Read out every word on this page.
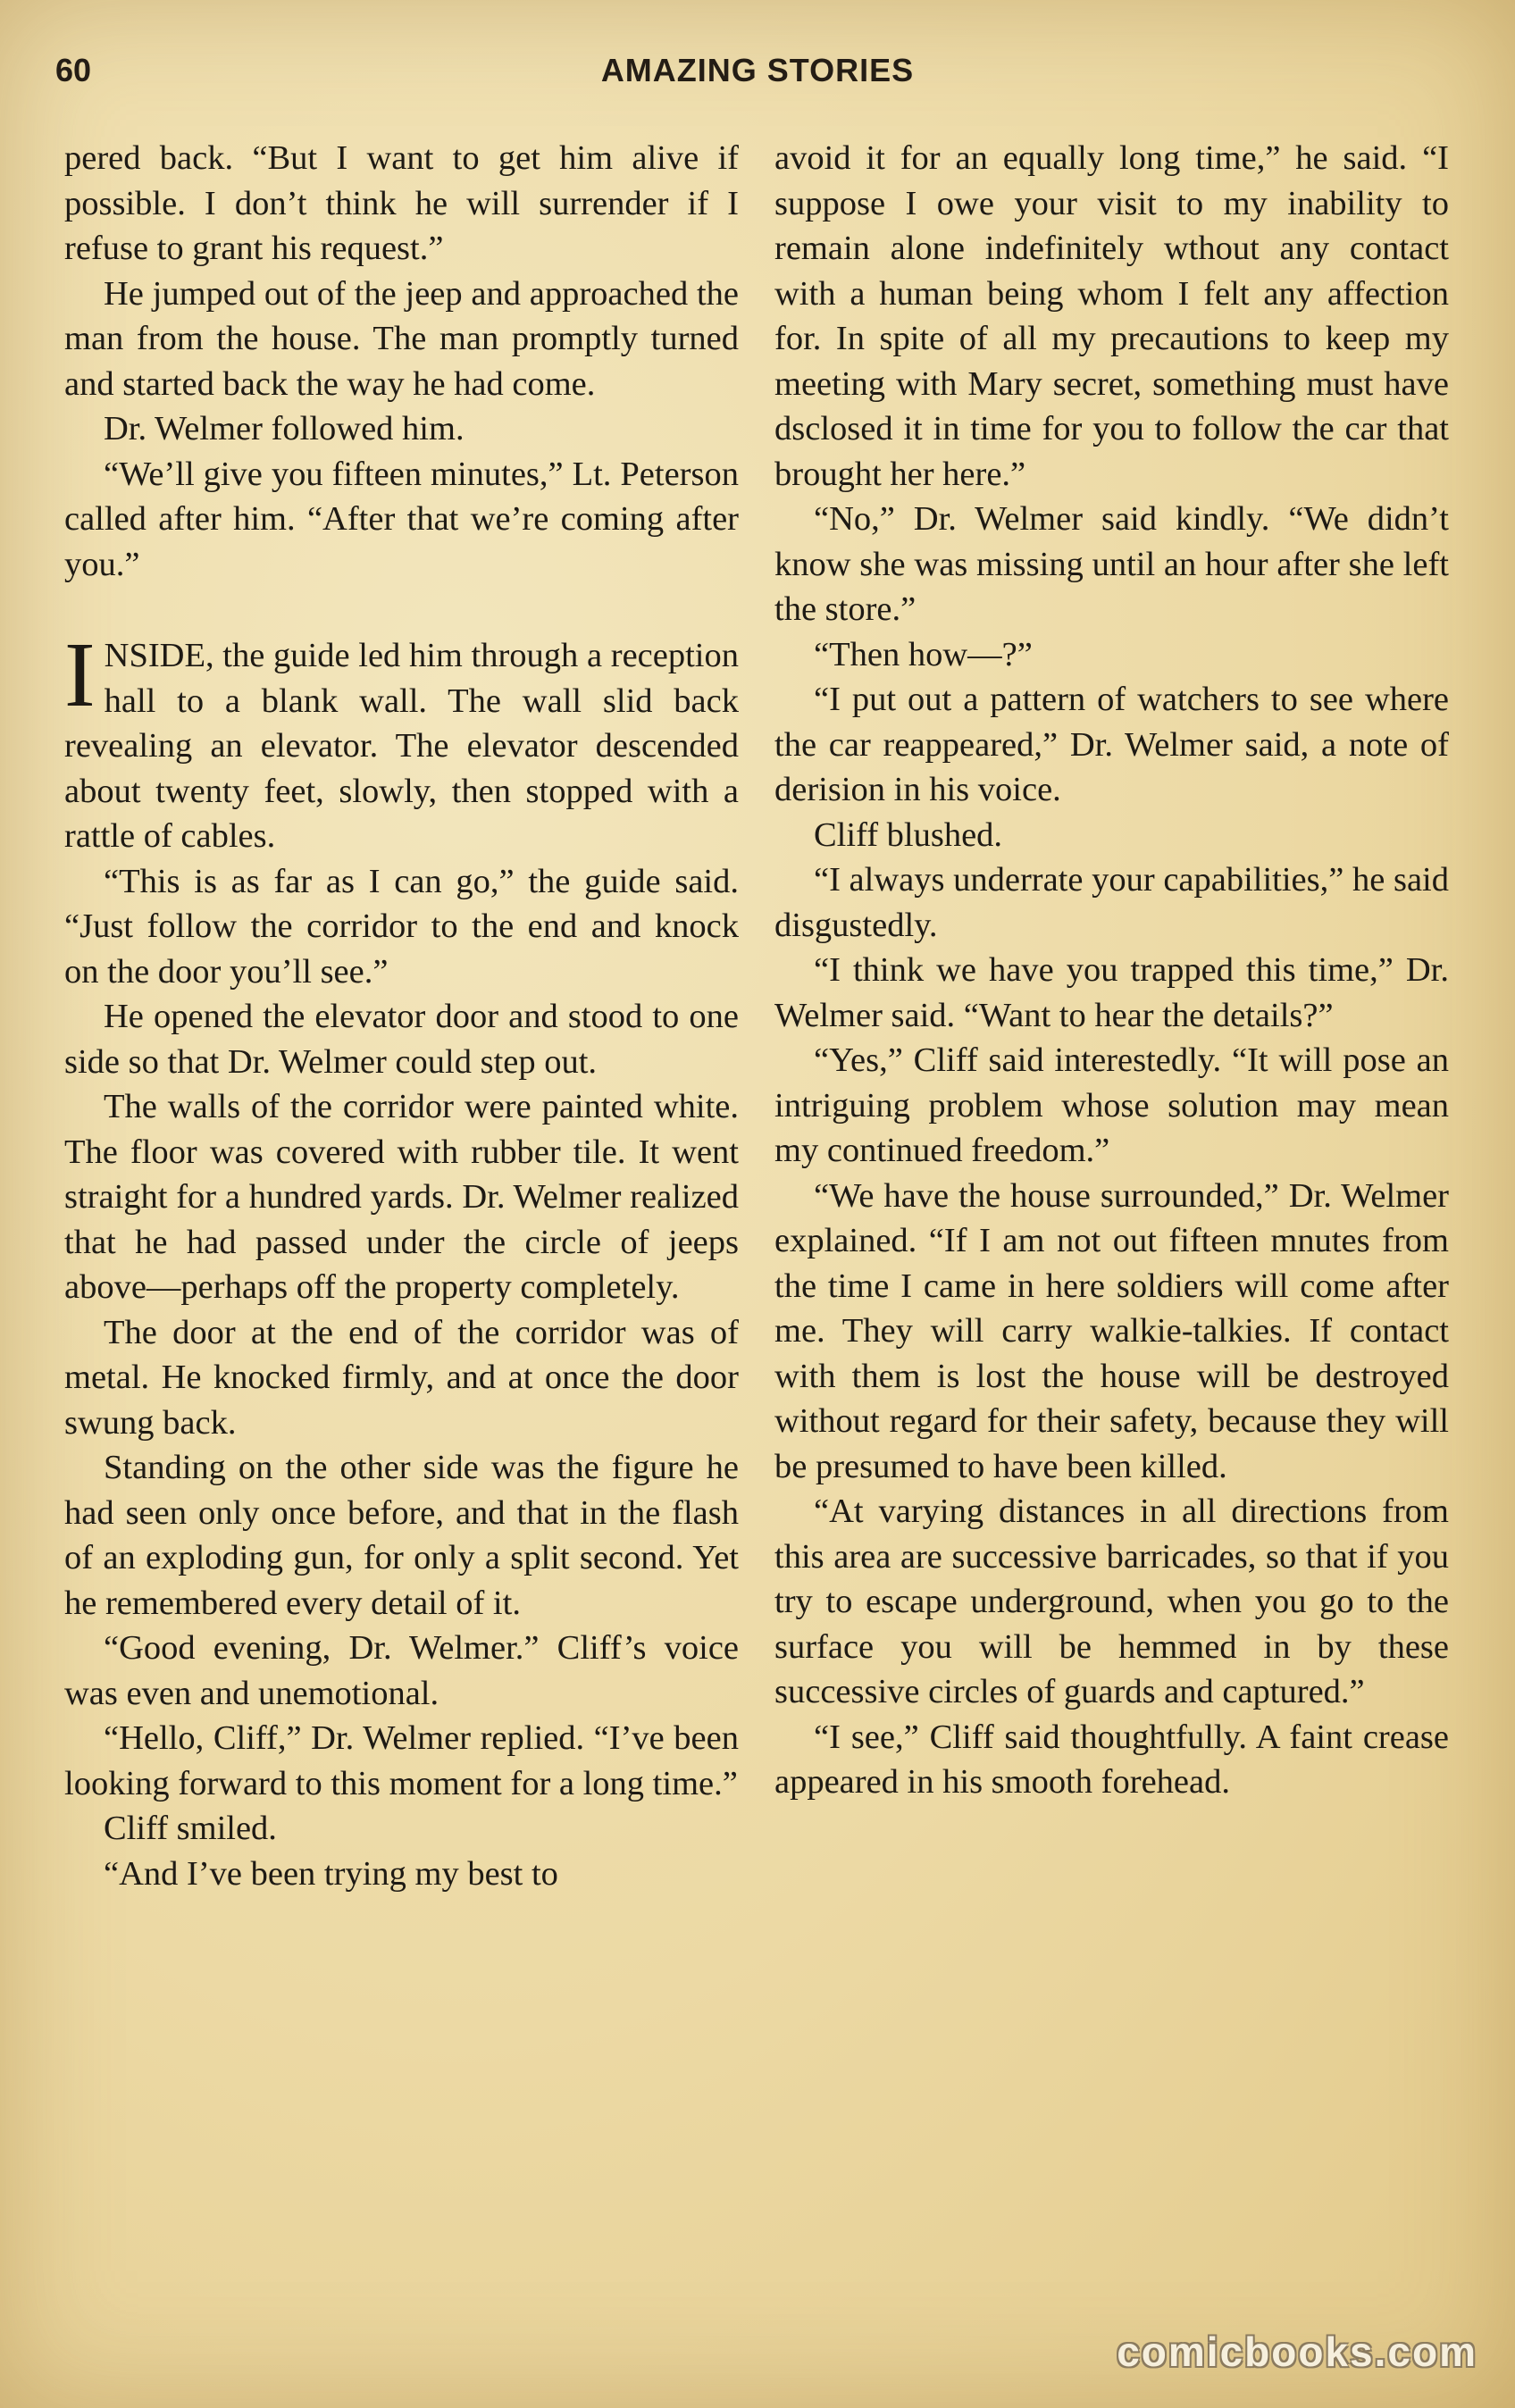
60	AMAZING STORIES

pered back. “But I want to get him alive if possible. I don’t think he will surrender if I refuse to grant his request.”

He jumped out of the jeep and approached the man from the house. The man promptly turned and started back the way he had come.

Dr. Welmer followed him.

“We’ll give you fifteen minutes,” Lt. Peterson called after him. “After that we’re coming after you.”

INSIDE, the guide led him through a reception hall to a blank wall. The wall slid back revealing an elevator. The elevator descended about twenty feet, slowly, then stopped with a rattle of cables.

“This is as far as I can go,” the guide said. “Just follow the corridor to the end and knock on the door you’ll see.”

He opened the elevator door and stood to one side so that Dr. Welmer could step out.

The walls of the corridor were painted white. The floor was covered with rubber tile. It went straight for a hundred yards. Dr. Welmer realized that he had passed under the circle of jeeps above—perhaps off the property completely.

The door at the end of the corridor was of metal. He knocked firmly, and at once the door swung back.

Standing on the other side was the figure he had seen only once before, and that in the flash of an exploding gun, for only a split second. Yet he remembered every detail of it.

“Good evening, Dr. Welmer.” Cliff’s voice was even and unemotional.

“Hello, Cliff,” Dr. Welmer replied. “I’ve been looking forward to this moment for a long time.”

Cliff smiled.

“And I’ve been trying my best to

avoid it for an equally long time,” he said. “I suppose I owe your visit to my inability to remain alone indefinitely wthout any contact with a human being whom I felt any affection for. In spite of all my precautions to keep my meeting with Mary secret, something must have dsclosed it in time for you to follow the car that brought her here.”

“No,” Dr. Welmer said kindly. “We didn’t know she was missing until an hour after she left the store.”

“Then how—?”

“I put out a pattern of watchers to see where the car reappeared,” Dr. Welmer said, a note of derision in his voice.

Cliff blushed.

“I always underrate your capabilities,” he said disgustedly.

“I think we have you trapped this time,” Dr. Welmer said. “Want to hear the details?”

“Yes,” Cliff said interestedly. “It will pose an intriguing problem whose solution may mean my continued freedom.”

“We have the house surrounded,” Dr. Welmer explained. “If I am not out fifteen mnutes from the time I came in here soldiers will come after me. They will carry walkie-talkies. If contact with them is lost the house will be destroyed without regard for their safety, because they will be presumed to have been killed.

“At varying distances in all directions from this area are successive barricades, so that if you try to escape underground, when you go to the surface you will be hemmed in by these successive circles of guards and captured.”

“I see,” Cliff said thoughtfully. A faint crease appeared in his smooth forehead.

comicbooks.com
